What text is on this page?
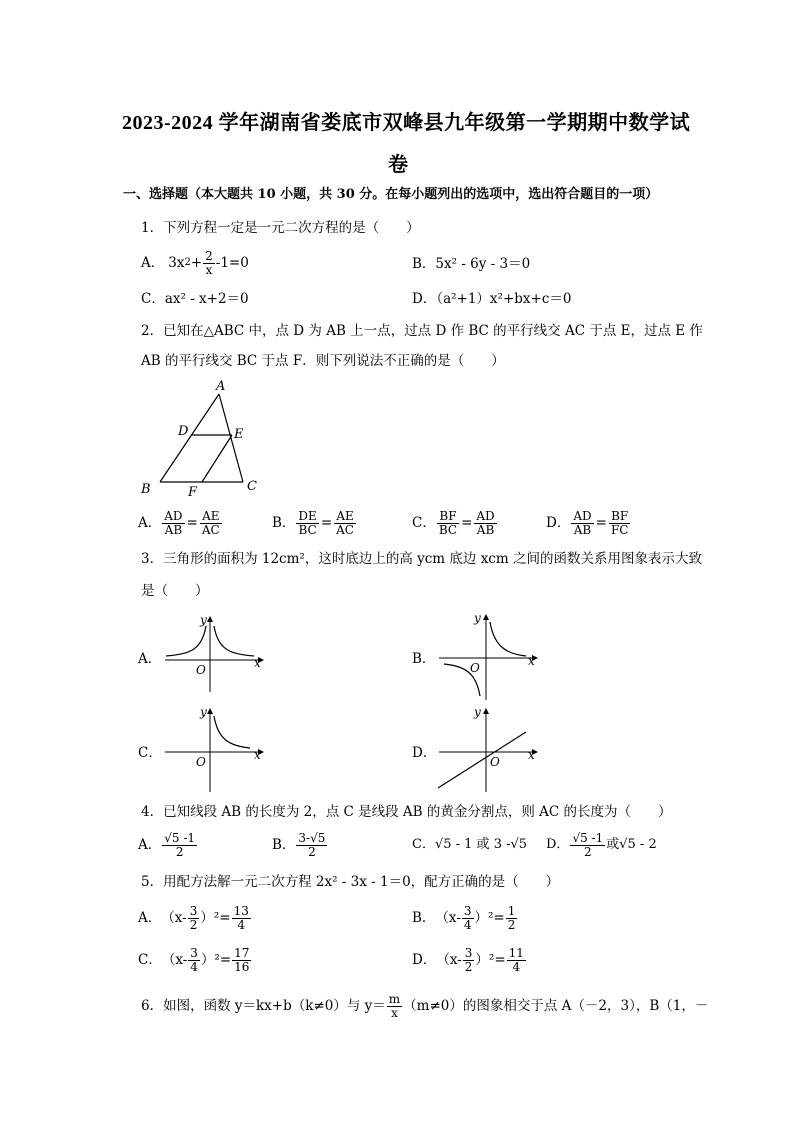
2023-2024 学年湖南省娄底市双峰县九年级第一学期期中数学试
卷
一、选择题（本大题共 10 小题，共 30 分。在每小题列出的选项中，选出符合题目的一项）
1．下列方程一定是一元二次方程的是（　　）
A． 3x $2 + \frac{2}{x} -1=0$	B．5x² - 6y - 3＝0
C．ax² - x+2＝0	D．（a²+1）x²+bx+c＝0
2．已知在△ABC 中，点 D 为 AB 上一点，过点 D 作 BC 的平行线交 AC 于点 E，过点 E 作
AB 的平行线交 BC 于点 F．则下列说法不正确的是（　　）
A
D	E
B	F	C
A． $\frac{AD}{AB} = \frac{AE}{AC}$	B． $\frac{DE}{BC} = \frac{AE}{AC}$	C． $\frac{BF}{BC} = \frac{AD}{AB}$	D． $\frac{AD}{AB} = \frac{BF}{FC}$
3．三角形的面积为 12cm²，这时底边上的高 ycm 底边 xcm 之间的函数关系用图象表示大致
是（　　）
A．
y
x
O
B．
y
x
O
C．
y
x
O
D．
y
x
O
4．已知线段 AB 的长度为 2，点 C 是线段 AB 的黄金分割点，则 AC 的长度为（　　）
A． $\frac{√5 -1}{2}$	B． $\frac{3-√5}{2}$	C．√5 - 1 或 3 -√5 D． $\frac{√5 -1}{2}$ 或√5 - 2
5．用配方法解一元二次方程 2x² - 3x - 1＝0，配方正确的是（　　）
A． $(x- \frac{3}{2} )^2= \frac{13}{4}$	B． $(x- \frac{3}{4} )^2= \frac{1}{2}$
C． $(x- \frac{3}{4} )^2= \frac{17}{16}$	D． $(x- \frac{3}{2} )^2= \frac{11}{4}$
6．如图，函数 y＝kx+b（k≠0）与 $y= \frac{m}{x} (m\ne 0)$的图象相交于点 A（－2，3），B（1，－
